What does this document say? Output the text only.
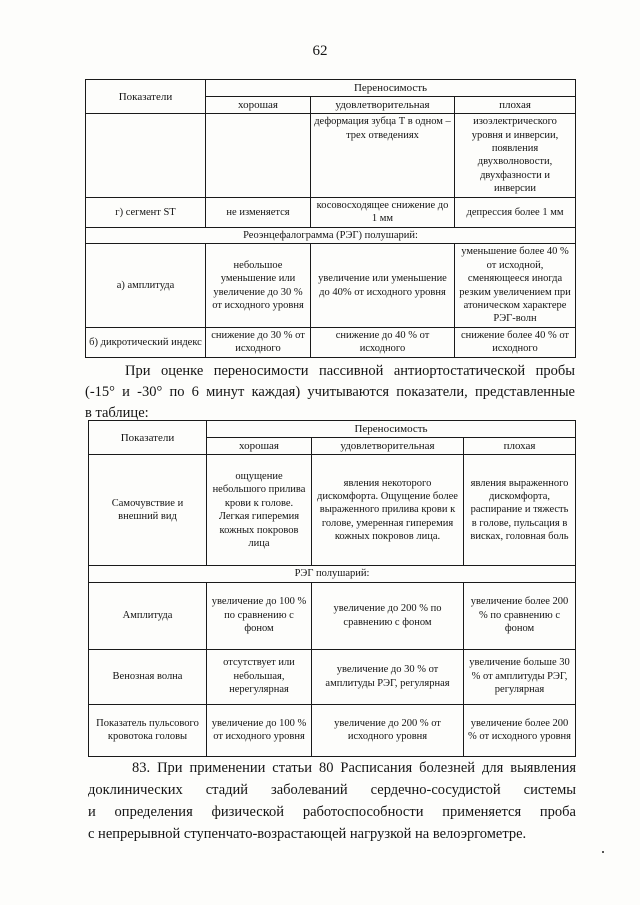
62
Показатели	Переносимость		
	хорошая	удовлетворительная	плохая
		деформация зубца Т в одном – трех отведениях	изоэлектрического уровня и инверсии, появления двухволновости, двухфазности и инверсии
г) сегмент ST	не изменяется	косовосходящее снижение до 1 мм	депрессия более 1 мм
Реоэнцефалограмма (РЭГ) полушарий:			
а) амплитуда	небольшое уменьшение или увеличение до 30 % от исходного уровня	увеличение или уменьшение до 40% от исходного уровня	уменьшение более 40 % от исходной, сменяющееся иногда резким увеличением при атоническом характере РЭГ-волн
б) дикротический индекс	снижение до 30 % от исходного	снижение до 40 % от исходного	снижение более 40 % от исходного
При оценке переносимости пассивной антиортостатической пробы
(-15° и -30° по 6 минут каждая) учитываются показатели, представленные
в таблице:
Показатели	Переносимость		
	хорошая	удовлетворительная	плохая
Самочувствие и внешний вид	ощущение небольшого прилива крови к голове. Легкая гиперемия кожных покровов лица	явления некоторого дискомфорта. Ощущение более выраженного прилива крови к голове, умеренная гиперемия кожных покровов лица.	явления выраженного дискомфорта, распирание и тяжесть в голове, пульсация в висках, головная боль
РЭГ полушарий:			
Амплитуда	увеличение до 100 % по сравнению с фоном	увеличение до 200 % по сравнению с фоном	увеличение более 200 % по сравнению с фоном
Венозная волна	отсутствует или небольшая, нерегулярная	увеличение до 30 % от амплитуды РЭГ, регулярная	увеличение больше 30 % от амплитуды РЭГ, регулярная
Показатель пульсового кровотока головы	увеличение до 100 % от исходного уровня	увеличение до 200 % от исходного уровня	увеличение более 200 % от исходного уровня
83. При применении статьи 80 Расписания болезней для выявления
доклинических стадий заболеваний сердечно-сосудистой системы
и определения физической работоспособности применяется проба
с непрерывной ступенчато-возрастающей нагрузкой на велоэргометре.
